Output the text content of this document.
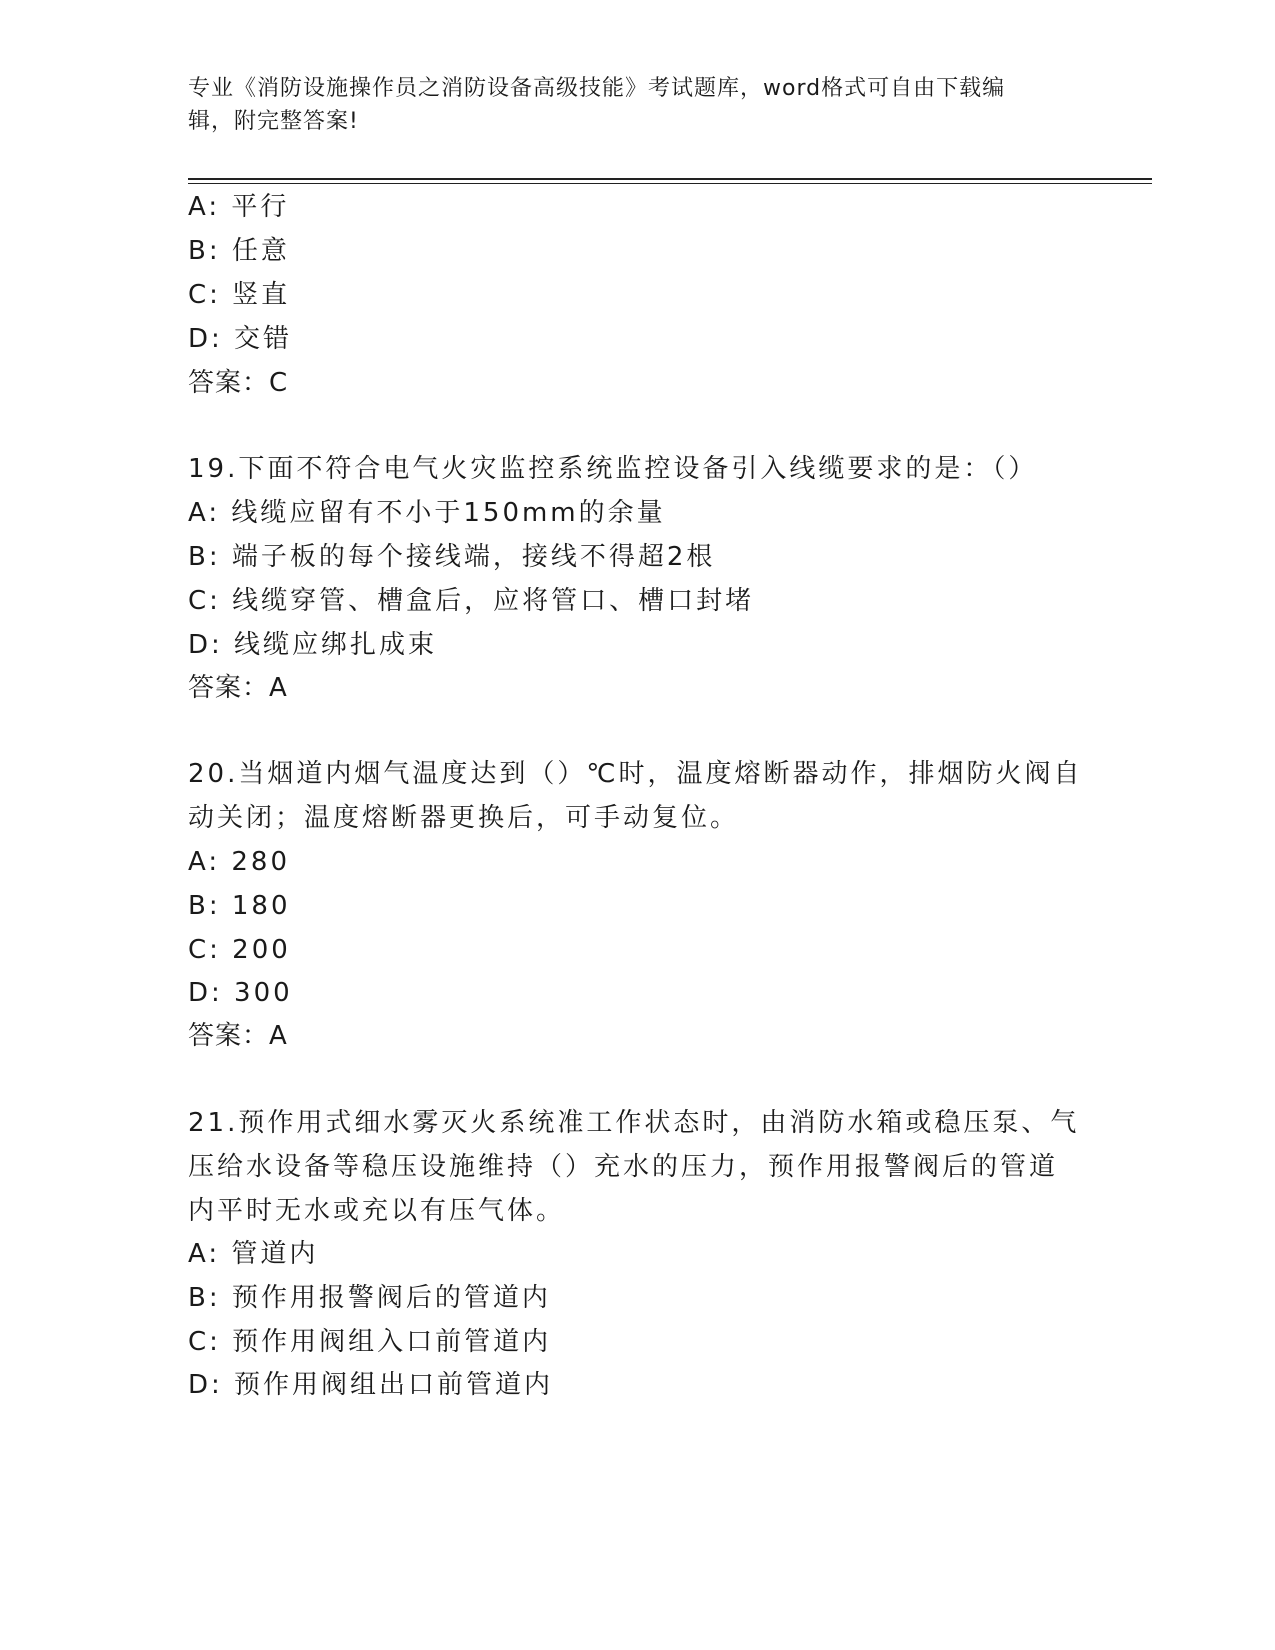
专业《消防设施操作员之消防设备高级技能》考试题库，word格式可自由下载编
辑，附完整答案!
A: 平行
B: 任意
C: 竖直
D: 交错
答案：C
19.下面不符合电气火灾监控系统监控设备引入线缆要求的是：（）
A: 线缆应留有不小于150mm的余量
B: 端子板的每个接线端，接线不得超2根
C: 线缆穿管、槽盒后，应将管口、槽口封堵
D: 线缆应绑扎成束
答案：A
20.当烟道内烟气温度达到（）℃时，温度熔断器动作，排烟防火阀自
动关闭；温度熔断器更换后，可手动复位。
A: 280
B: 180
C: 200
D: 300
答案：A
21.预作用式细水雾灭火系统准工作状态时，由消防水箱或稳压泵、气
压给水设备等稳压设施维持（）充水的压力，预作用报警阀后的管道
内平时无水或充以有压气体。
A: 管道内
B: 预作用报警阀后的管道内
C: 预作用阀组入口前管道内
D: 预作用阀组出口前管道内
